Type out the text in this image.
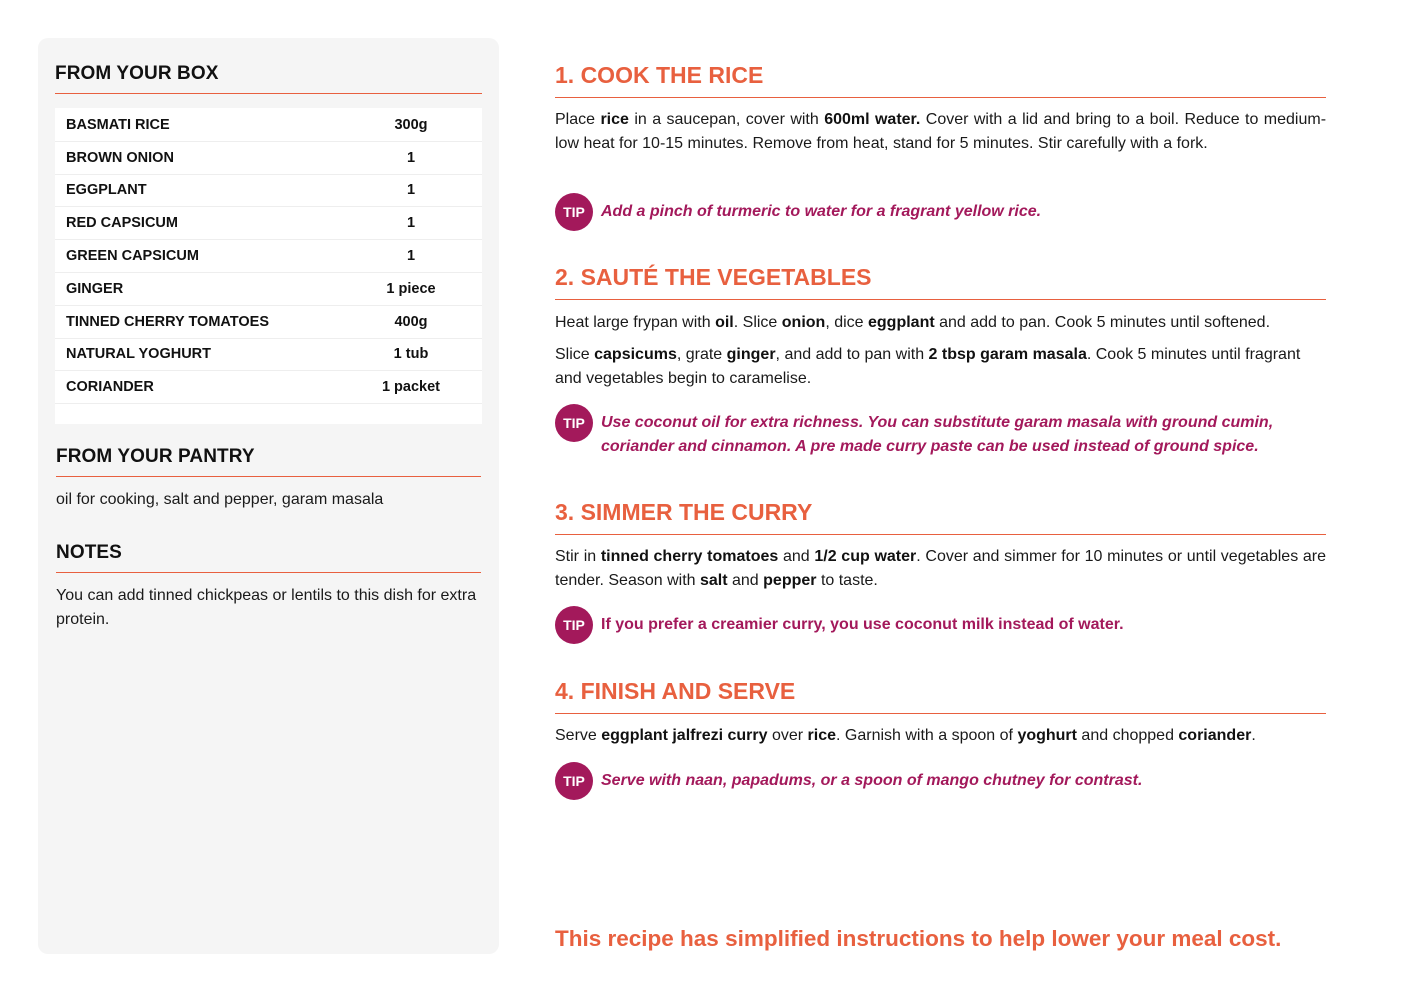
FROM YOUR BOX
BASMATI RICE	300g
BROWN ONION	1
EGGPLANT	1
RED CAPSICUM	1
GREEN CAPSICUM	1
GINGER	1 piece
TINNED CHERRY TOMATOES	400g
NATURAL YOGHURT	1 tub
CORIANDER	1 packet
FROM YOUR PANTRY
oil for cooking, salt and pepper, garam masala
NOTES
You can add tinned chickpeas or lentils to this dish for extra protein.
1. COOK THE RICE
Place rice in a saucepan, cover with 600ml water. Cover with a lid and bring to a boil. Reduce to medium-low heat for 10-15 minutes. Remove from heat, stand for 5 minutes. Stir carefully with a fork.
TIP	Add a pinch of turmeric to water for a fragrant yellow rice.
2. SAUTÉ THE VEGETABLES
Heat large frypan with oil. Slice onion, dice eggplant and add to pan. Cook 5 minutes until softened.
Slice capsicums, grate ginger, and add to pan with 2 tbsp garam masala. Cook 5 minutes until fragrant and vegetables begin to caramelise.
TIP	Use coconut oil for extra richness. You can substitute garam masala with ground cumin, coriander and cinnamon. A pre made curry paste can be used instead of ground spice.
3. SIMMER THE CURRY
Stir in tinned cherry tomatoes and 1/2 cup water. Cover and simmer for 10 minutes or until vegetables are tender. Season with salt and pepper to taste.
TIP	If you prefer a creamier curry, you use coconut milk instead of water.
4. FINISH AND SERVE
Serve eggplant jalfrezi curry over rice. Garnish with a spoon of yoghurt and chopped coriander.
TIP	Serve with naan, papadums, or a spoon of mango chutney for contrast.
This recipe has simplified instructions to help lower your meal cost.
